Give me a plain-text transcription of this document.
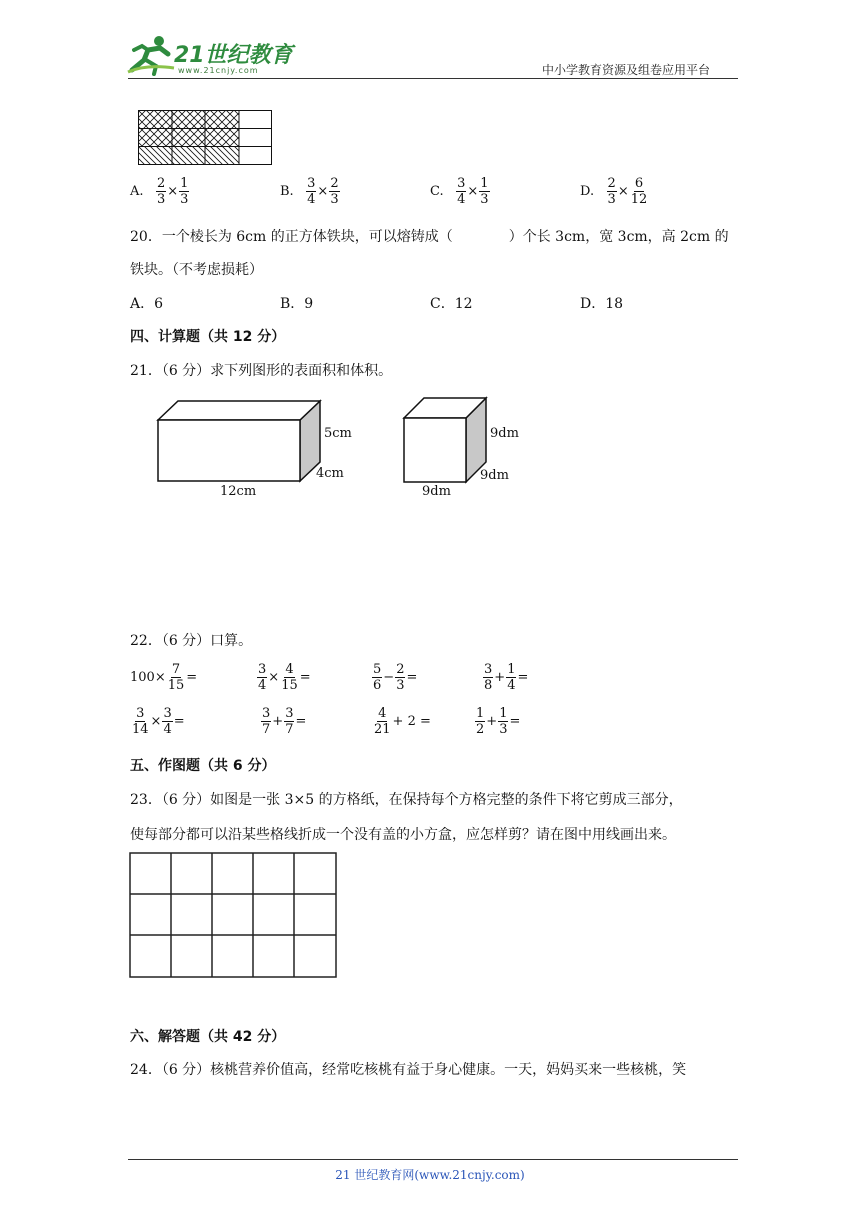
21世纪教育
www.21cnjy.com	中小学教育资源及组卷应用平台
A. $\frac{2}{3} \times \frac{1}{3}$	B. $\frac{3}{4} \times \frac{2}{3}$	C. $\frac{3}{4} \times \frac{1}{3}$	D. $\frac{2}{3} \times \frac{6}{12}$
20．一个棱长为 6cm 的正方体铁块，可以熔铸成（　　　　）个长 3cm，宽 3cm，高 2cm 的
铁块。（不考虑损耗）
A．6	B．9	C．12	D．18
四、计算题（共 12 分）
21．（6 分）求下列图形的表面积和体积。
5cm
4cm
12cm
9dm
9dm
9dm
22．（6 分）口算。
$100\times \frac{7}{15}$ =	$\frac{3}{4} \times \frac{4}{15}$ =	$\frac{5}{6} - \frac{2}{3}$ =	$\frac{3}{8} + \frac{1}{4}$ =
$\frac{3}{14} \times \frac{3}{4}$ =	$\frac{3}{7} + \frac{3}{7}$ =	$\frac{4}{21} + 2$ =	$\frac{1}{2} + \frac{1}{3}$ =
五、作图题（共 6 分）
23．（6 分）如图是一张 3×5 的方格纸，在保持每个方格完整的条件下将它剪成三部分，
使每部分都可以沿某些格线折成一个没有盖的小方盒，应怎样剪？请在图中用线画出来。
六、解答题（共 42 分）
24．（6 分）核桃营养价值高，经常吃核桃有益于身心健康。一天，妈妈买来一些核桃，笑
21 世纪教育网(www.21cnjy.com)
